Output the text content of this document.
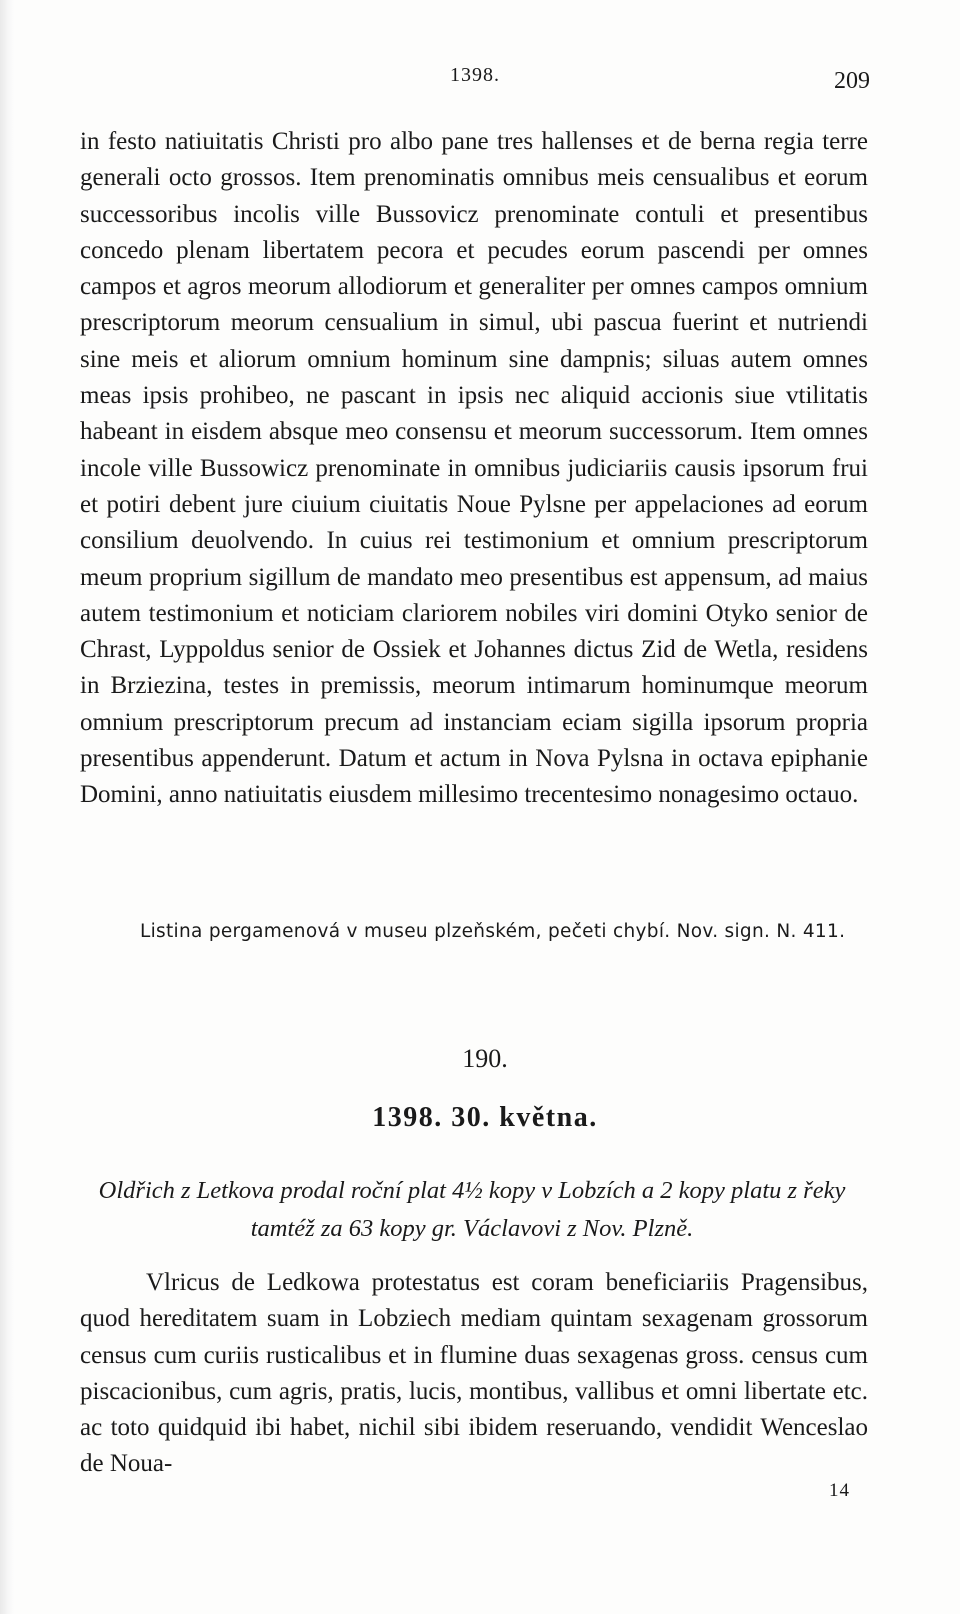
1398.	209

in festo natiuitatis Christi pro albo pane tres hallenses et de berna regia terre generali octo grossos. Item prenominatis omnibus meis censualibus et eorum successoribus incolis ville Bussovicz prenominate contuli et presentibus concedo plenam libertatem pecora et pecudes eorum pascendi per omnes campos et agros meorum allodiorum et generaliter per omnes campos omnium prescriptorum meorum censualium in simul, ubi pascua fuerint et nutriendi sine meis et aliorum omnium hominum sine dampnis; siluas autem omnes meas ipsis prohibeo, ne pascant in ipsis nec aliquid accionis siue vtilitatis habeant in eisdem absque meo consensu et meorum successorum. Item omnes incole ville Bussowicz prenominate in omnibus judiciariis causis ipsorum frui et potiri debent jure ciuium ciuitatis Noue Pylsne per appelaciones ad eorum consilium deuolvendo. In cuius rei testimonium et omnium prescriptorum meum proprium sigillum de mandato meo presentibus est appensum, ad maius autem testimonium et noticiam clariorem nobiles viri domini Otyko senior de Chrast, Lyppoldus senior de Ossiek et Johannes dictus Zid de Wetla, residens in Brziezina, testes in premissis, meorum intimarum hominumque meorum omnium prescriptorum precum ad instanciam eciam sigilla ipsorum propria presentibus appenderunt. Datum et actum in Nova Pylsna in octava epiphanie Domini, anno natiuitatis eiusdem millesimo trecentesimo nonagesimo octauo.

Listina pergamenová v museu plzeňském, pečeti chybí. Nov. sign. N. 411.

190.
1398. 30. května.

Oldřich z Letkova prodal roční plat 4½ kopy v Lobzích a 2 kopy platu z řeky tamtéž za 63 kopy gr. Václavovi z Nov. Plzně.

Vlricus de Ledkowa protestatus est coram beneficiariis Pragensibus, quod hereditatem suam in Lobziech mediam quintam sexagenam grossorum census cum curiis rusticalibus et in flumine duas sexagenas gross. census cum piscacionibus, cum agris, pratis, lucis, montibus, vallibus et omni libertate etc. ac toto quidquid ibi habet, nichil sibi ibidem reseruando, vendidit Wenceslao de Noua-

14
